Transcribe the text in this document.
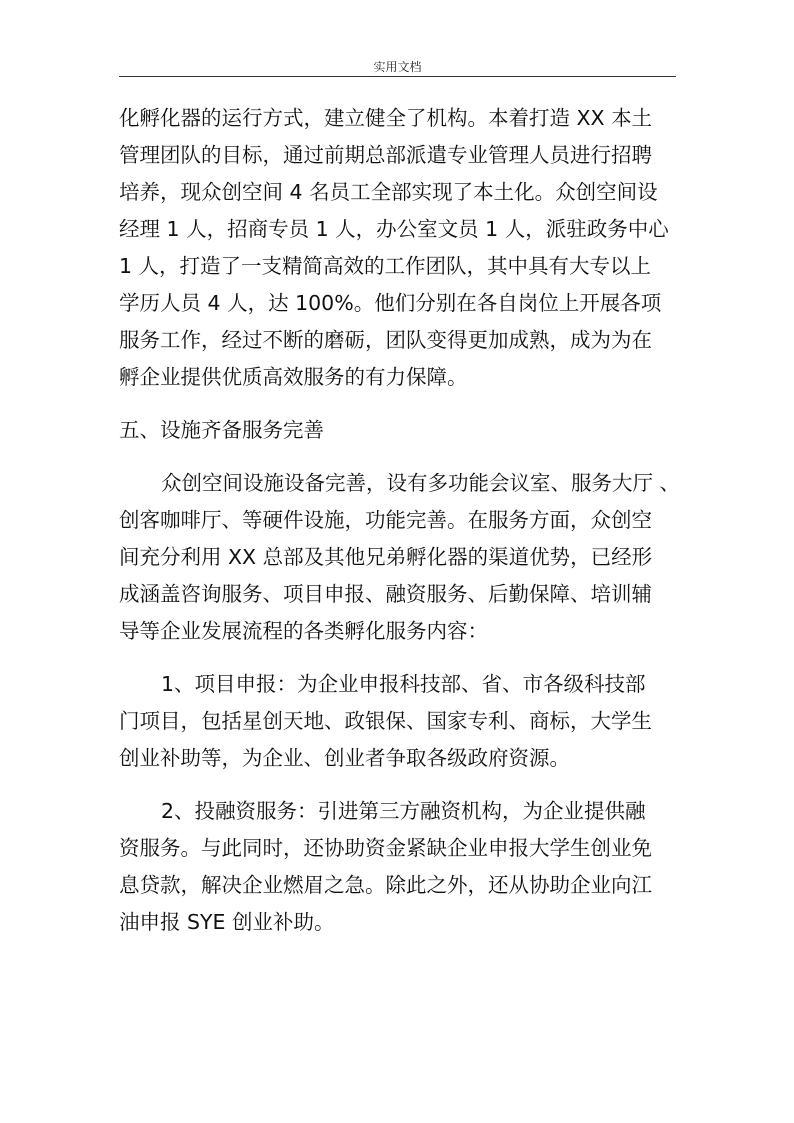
实用文档
化孵化器的运行方式，建立健全了机构。本着打造 XX 本土
管理团队的目标，通过前期总部派遣专业管理人员进行招聘
培养，现众创空间 4 名员工全部实现了本土化。众创空间设
经理 1 人，招商专员 1 人，办公室文员 1 人，派驻政务中心
1 人，打造了一支精简高效的工作团队，其中具有大专以上
学历人员 4 人，达 100%。他们分别在各自岗位上开展各项
服务工作，经过不断的磨砺，团队变得更加成熟，成为为在
孵企业提供优质高效服务的有力保障。
五、设施齐备服务完善
众创空间设施设备完善，设有多功能会议室、服务大厅 、
创客咖啡厅、等硬件设施，功能完善。在服务方面，众创空
间充分利用 XX 总部及其他兄弟孵化器的渠道优势，已经形
成涵盖咨询服务、项目申报、融资服务、后勤保障、培训辅
导等企业发展流程的各类孵化服务内容：
1、项目申报：为企业申报科技部、省、市各级科技部
门项目，包括星创天地、政银保、国家专利、商标，大学生
创业补助等，为企业、创业者争取各级政府资源。
2、投融资服务：引进第三方融资机构，为企业提供融
资服务。与此同时，还协助资金紧缺企业申报大学生创业免
息贷款，解决企业燃眉之急。除此之外，还从协助企业向江
油申报 SYE 创业补助。
